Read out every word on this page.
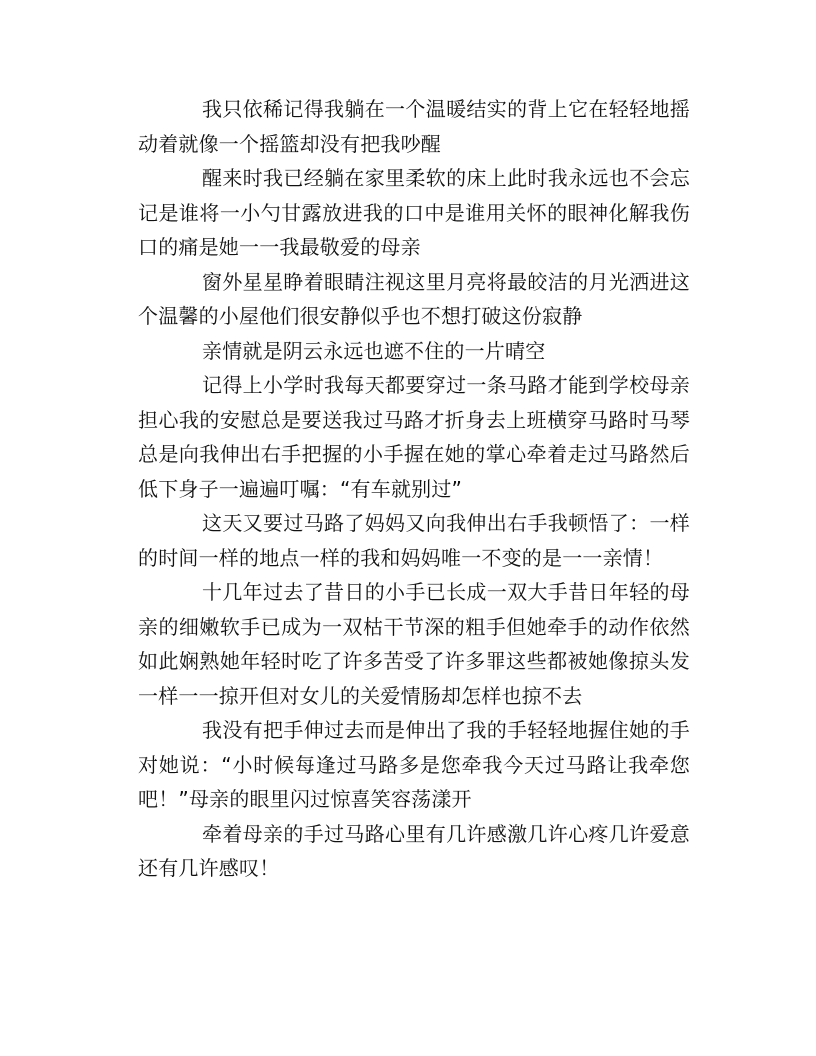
我只依稀记得我躺在一个温暖结实的背上它在轻轻地摇动着就像一个摇篮却没有把我吵醒

醒来时我已经躺在家里柔软的床上此时我永远也不会忘记是谁将一小勺甘露放进我的口中是谁用关怀的眼神化解我伤口的痛是她一一我最敬爱的母亲

窗外星星睁着眼睛注视这里月亮将最皎洁的月光洒进这个温馨的小屋他们很安静似乎也不想打破这份寂静

亲情就是阴云永远也遮不住的一片晴空

记得上小学时我每天都要穿过一条马路才能到学校母亲担心我的安慰总是要送我过马路才折身去上班横穿马路时马琴总是向我伸出右手把握的小手握在她的掌心牵着走过马路然后低下身子一遍遍叮嘱：“有车就别过”

这天又要过马路了妈妈又向我伸出右手我顿悟了：一样的时间一样的地点一样的我和妈妈唯一不变的是一一亲情！

十几年过去了昔日的小手已长成一双大手昔日年轻的母亲的细嫩软手已成为一双枯干节深的粗手但她牵手的动作依然如此娴熟她年轻时吃了许多苦受了许多罪这些都被她像掠头发一样一一掠开但对女儿的关爱情肠却怎样也掠不去

我没有把手伸过去而是伸出了我的手轻轻地握住她的手对她说：“小时候每逢过马路多是您牵我今天过马路让我牵您吧！”母亲的眼里闪过惊喜笑容荡漾开

牵着母亲的手过马路心里有几许感激几许心疼几许爱意还有几许感叹！
